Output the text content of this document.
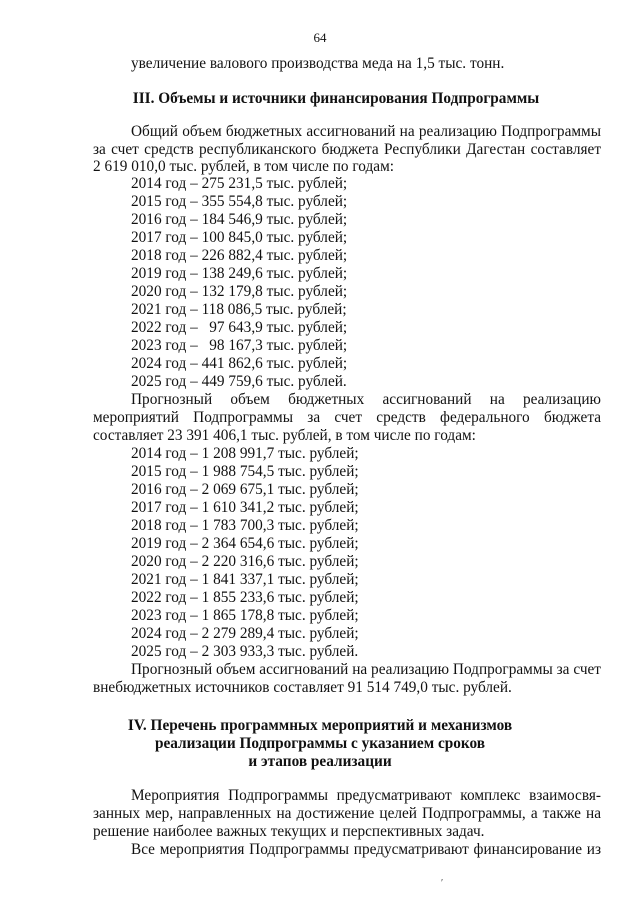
64
увеличение валового производства меда на 1,5 тыс. тонн.
III. Объемы и источники финансирования Подпрограммы
Общий объем бюджетных ассигнований на реализацию Подпрограммы
за счет средств республиканского бюджета Республики Дагестан составляет
2 619 010,0 тыс. рублей, в том числе по годам:
2014 год – 275 231,5 тыс. рублей;
2015 год – 355 554,8 тыс. рублей;
2016 год – 184 546,9 тыс. рублей;
2017 год – 100 845,0 тыс. рублей;
2018 год – 226 882,4 тыс. рублей;
2019 год – 138 249,6 тыс. рублей;
2020 год – 132 179,8 тыс. рублей;
2021 год – 118 086,5 тыс. рублей;
2022 год –   97 643,9 тыс. рублей;
2023 год –   98 167,3 тыс. рублей;
2024 год – 441 862,6 тыс. рублей;
2025 год – 449 759,6 тыс. рублей.
Прогнозный объем бюджетных ассигнований на реализацию
мероприятий Подпрограммы за счет средств федерального бюджета
составляет 23 391 406,1 тыс. рублей, в том числе по годам:
2014 год – 1 208 991,7 тыс. рублей;
2015 год – 1 988 754,5 тыс. рублей;
2016 год – 2 069 675,1 тыс. рублей;
2017 год – 1 610 341,2 тыс. рублей;
2018 год – 1 783 700,3 тыс. рублей;
2019 год – 2 364 654,6 тыс. рублей;
2020 год – 2 220 316,6 тыс. рублей;
2021 год – 1 841 337,1 тыс. рублей;
2022 год – 1 855 233,6 тыс. рублей;
2023 год – 1 865 178,8 тыс. рублей;
2024 год – 2 279 289,4 тыс. рублей;
2025 год – 2 303 933,3 тыс. рублей.
Прогнозный объем ассигнований на реализацию Подпрограммы за счет
внебюджетных источников составляет 91 514 749,0 тыс. рублей.
IV. Перечень программных мероприятий и механизмов
реализации Подпрограммы с указанием сроков
и этапов реализации
Мероприятия Подпрограммы предусматривают комплекс взаимосвя-
занных мер, направленных на достижение целей Подпрограммы, а также на
решение наиболее важных текущих и перспективных задач.
Все мероприятия Подпрограммы предусматривают финансирование из
′
